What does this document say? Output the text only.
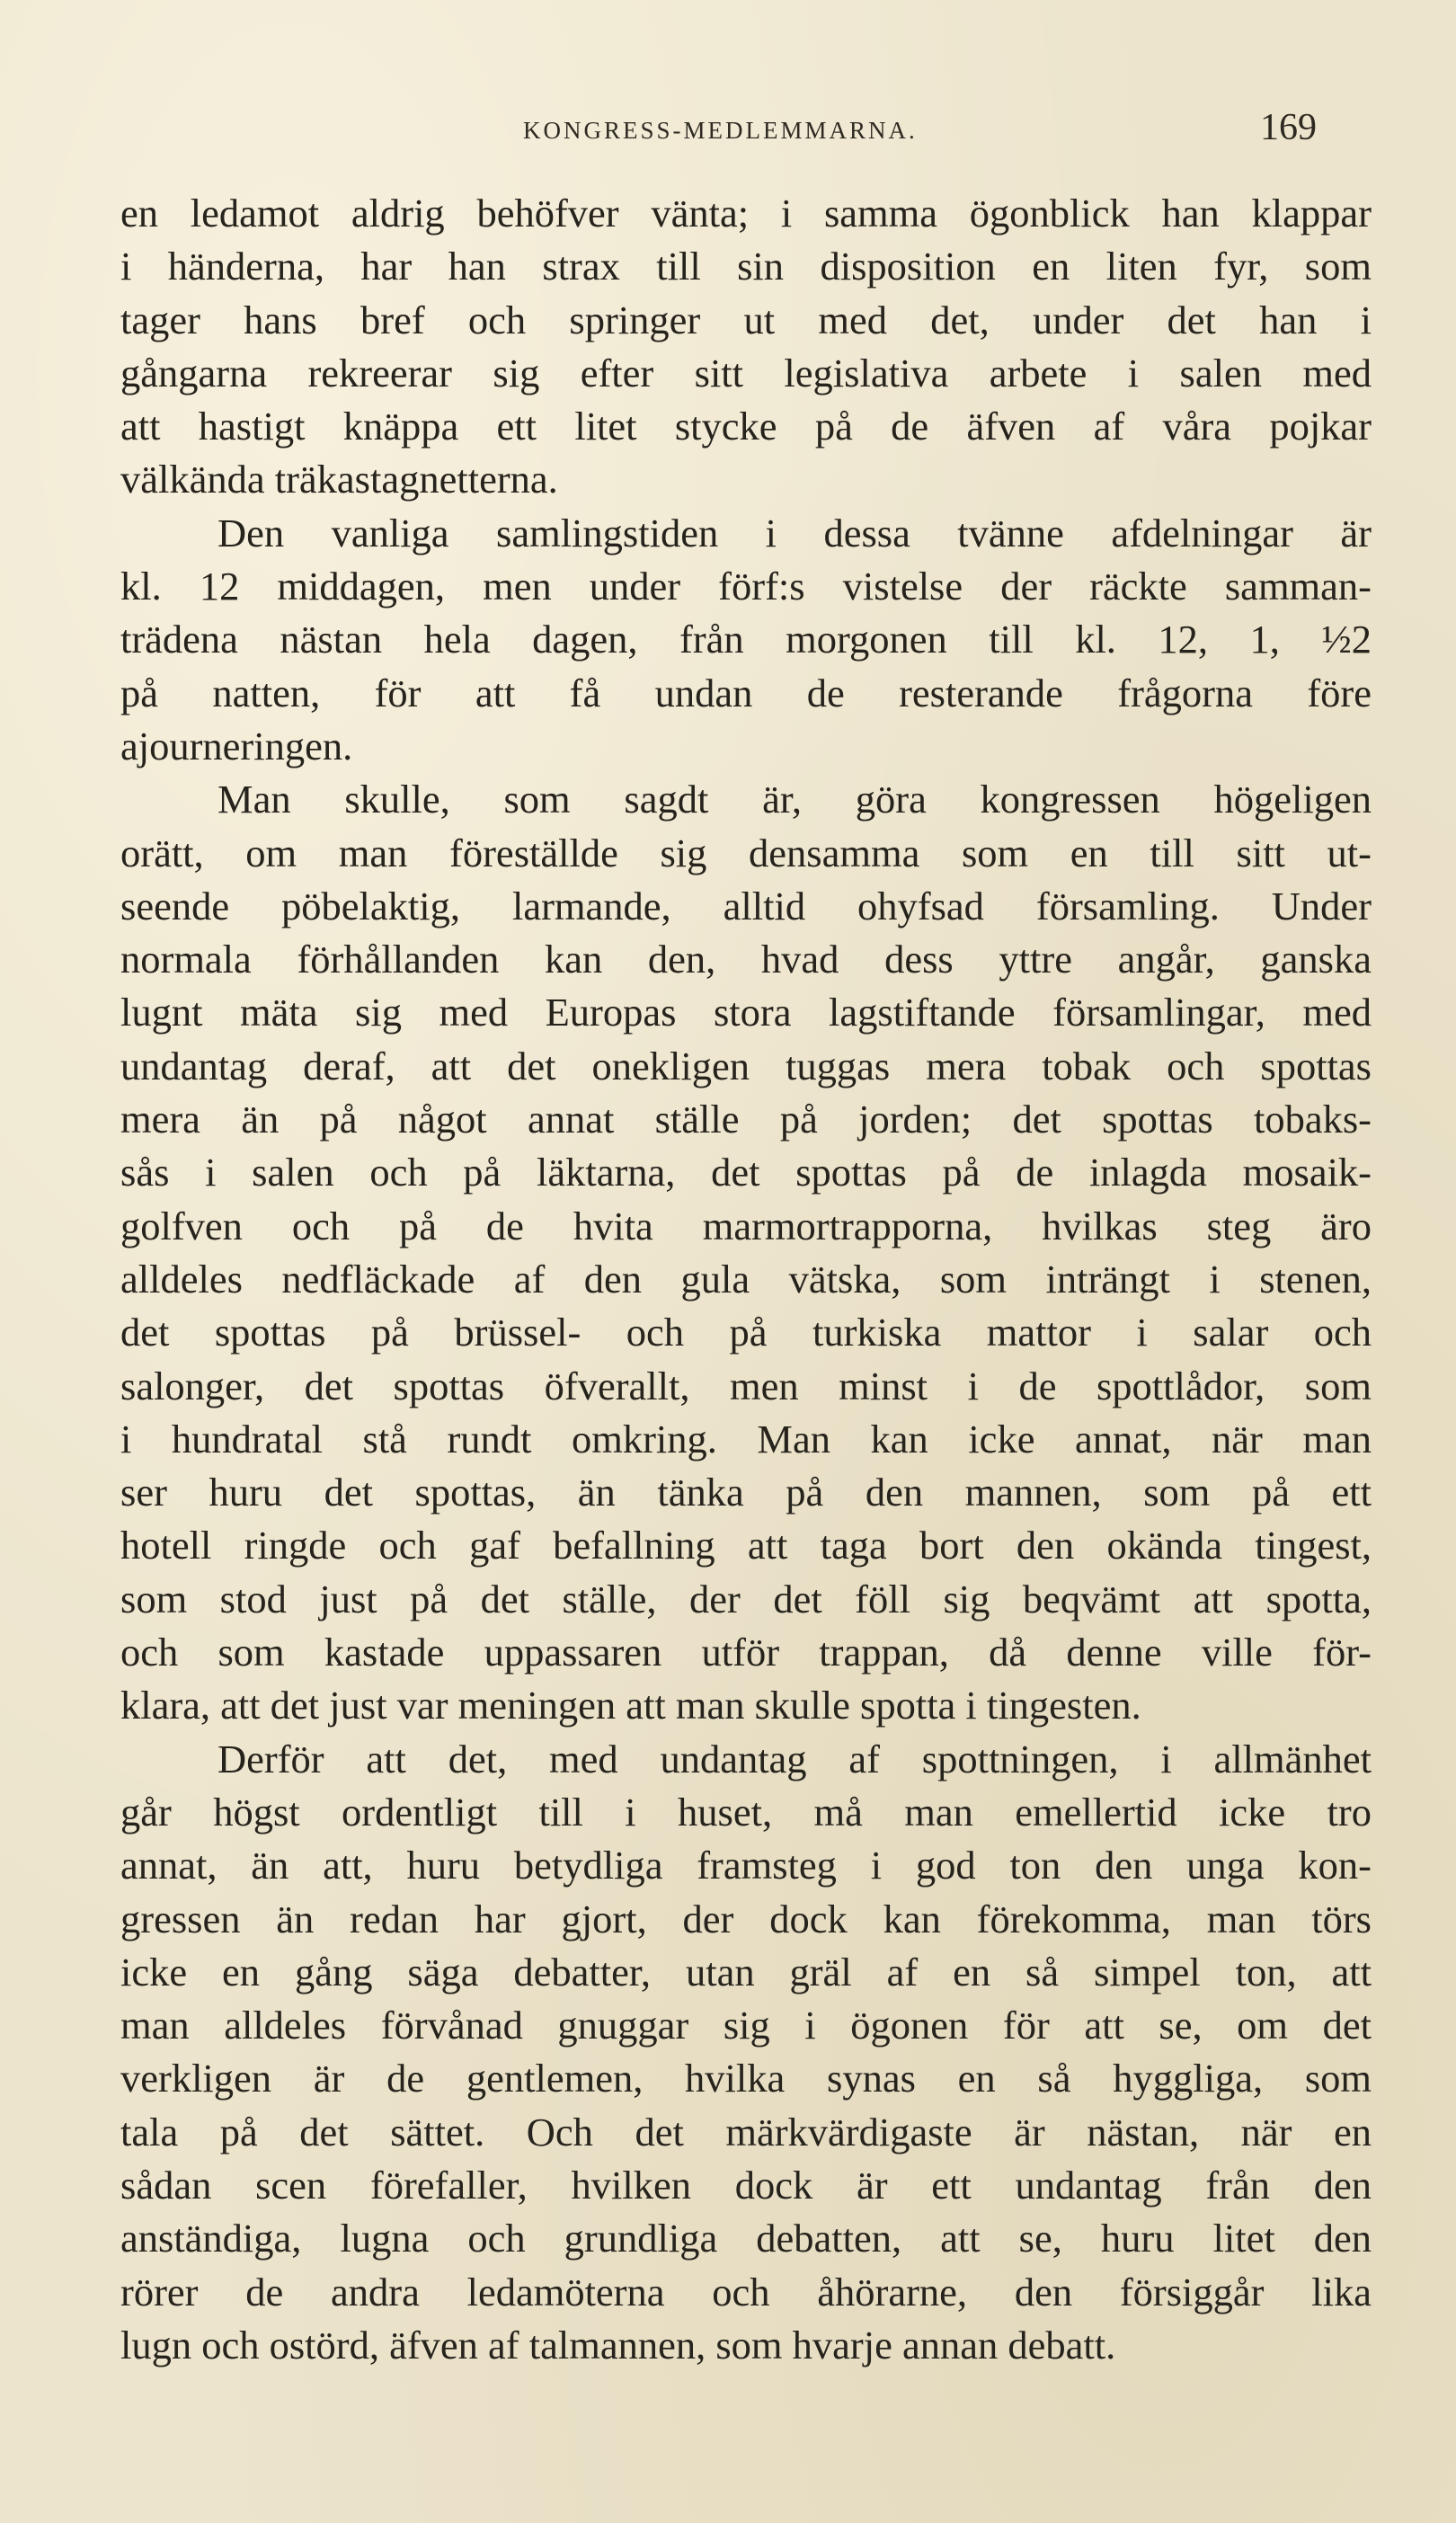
KONGRESS-MEDLEMMARNA.	169
en ledamot aldrig behöfver vänta; i samma ögonblick han klappar
i händerna, har han strax till sin disposition en liten fyr, som
tager hans bref och springer ut med det, under det han i
gångarna rekreerar sig efter sitt legislativa arbete i salen med
att hastigt knäppa ett litet stycke på de äfven af våra pojkar
välkända träkastagnetterna.
Den vanliga samlingstiden i dessa tvänne afdelningar är
kl. 12 middagen, men under förf:s vistelse der räckte samman-
trädena nästan hela dagen, från morgonen till kl. 12, 1, ½2
på natten, för att få undan de resterande frågorna före
ajourneringen.
Man skulle, som sagdt är, göra kongressen högeligen
orätt, om man föreställde sig densamma som en till sitt ut-
seende pöbelaktig, larmande, alltid ohyfsad församling. Under
normala förhållanden kan den, hvad dess yttre angår, ganska
lugnt mäta sig med Europas stora lagstiftande församlingar, med
undantag deraf, att det onekligen tuggas mera tobak och spottas
mera än på något annat ställe på jorden; det spottas tobaks-
sås i salen och på läktarna, det spottas på de inlagda mosaik-
golfven och på de hvita marmortrapporna, hvilkas steg äro
alldeles nedfläckade af den gula vätska, som inträngt i stenen,
det spottas på brüssel- och på turkiska mattor i salar och
salonger, det spottas öfverallt, men minst i de spottlådor, som
i hundratal stå rundt omkring. Man kan icke annat, när man
ser huru det spottas, än tänka på den mannen, som på ett
hotell ringde och gaf befallning att taga bort den okända tingest,
som stod just på det ställe, der det föll sig beqvämt att spotta,
och som kastade uppassaren utför trappan, då denne ville för-
klara, att det just var meningen att man skulle spotta i tingesten.
Derför att det, med undantag af spottningen, i allmänhet
går högst ordentligt till i huset, må man emellertid icke tro
annat, än att, huru betydliga framsteg i god ton den unga kon-
gressen än redan har gjort, der dock kan förekomma, man törs
icke en gång säga debatter, utan gräl af en så simpel ton, att
man alldeles förvånad gnuggar sig i ögonen för att se, om det
verkligen är de gentlemen, hvilka synas en så hyggliga, som
tala på det sättet. Och det märkvärdigaste är nästan, när en
sådan scen förefaller, hvilken dock är ett undantag från den
anständiga, lugna och grundliga debatten, att se, huru litet den
rörer de andra ledamöterna och åhörarne, den försiggår lika
lugn och ostörd, äfven af talmannen, som hvarje annan debatt.
